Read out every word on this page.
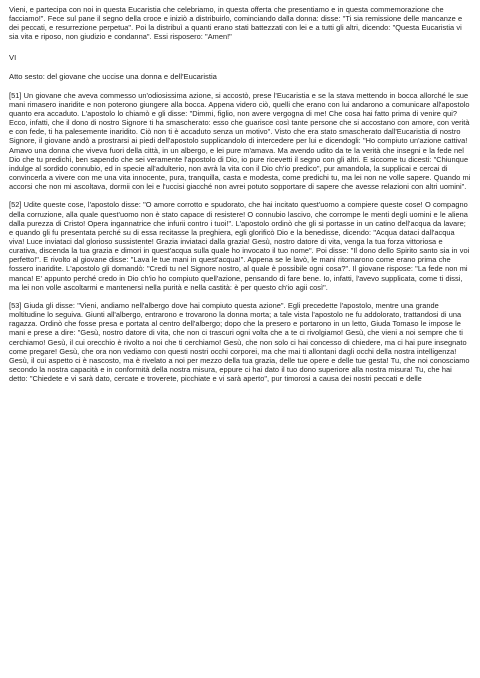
Vieni, e partecipa con noi in questa Eucaristia che celebriamo, in questa offerta che presentiamo e in questa commemorazione che facciamo!". Fece sul pane il segno della croce e iniziò a distribuirlo, cominciando dalla donna: disse: "Ti sia remissione delle mancanze e dei peccati, e resurrezione perpetua". Poi la distribuì a quanti erano stati battezzati con lei e a tutti gli altri, dicendo: "Questa Eucaristia vi sia vita e riposo, non giudizio e condanna". Essi risposero: "Amen!"

VI

Atto sesto: del giovane che uccise una donna e dell'Eucaristia

[51] Un giovane che aveva commesso un'odiosissima azione, si accostò, prese l'Eucaristia e se la stava mettendo in bocca allorché le sue mani rimasero inaridite e non poterono giungere alla bocca. Appena videro ciò, quelli che erano con lui andarono a comunicare all'apostolo quanto era accaduto. L'apostolo lo chiamò e gli disse: "Dimmi, figlio, non avere vergogna di me! Che cosa hai fatto prima di venire qui? Ecco, infatti, che il dono di nostro Signore ti ha smascherato: esso che guarisce così tante persone che si accostano con amore, con verità e con fede, ti ha palesemente inaridito. Ciò non ti è accaduto senza un motivo". Visto che era stato smascherato dall'Eucaristia di nostro Signore, il giovane andò a prostrarsi ai piedi dell'apostolo supplicandolo di intercedere per lui e dicendogli: "Ho compiuto un'azione cattiva! Amavo una donna che viveva fuori della città, in un albergo, e lei pure m'amava. Ma avendo udito da te la verità che insegni e la fede nel Dio che tu predichi, ben sapendo che sei veramente l'apostolo di Dio, io pure ricevetti il segno con gli altri. E siccome tu dicesti: "Chiunque indulge al sordido connubio, ed in specie all'adulterio, non avrà la vita con il Dio ch'io predico", pur amandola, la supplicai e cercai di convincerla a vivere con me una vita innocente, pura, tranquilla, casta e modesta, come predichi tu, ma lei non ne volle sapere. Quando mi accorsi che non mi ascoltava, dormii con lei e l'uccisi giacché non avrei potuto sopportare di sapere che avesse relazioni con altri uomini".

[52] Udite queste cose, l'apostolo disse: "O amore corrotto e spudorato, che hai incitato quest'uomo a compiere queste cose! O compagno della corruzione, alla quale quest'uomo non è stato capace di resistere! O connubio lascivo, che corrompe le menti degli uomini e le aliena dalla purezza di Cristo! Opera ingannatrice che infurii contro i tuoi!". L'apostolo ordinò che gli si portasse in un catino dell'acqua da lavare; e quando gli fu presentata perché su di essa recitasse la preghiera, egli glorificò Dio e la benedisse, dicendo: "Acqua dataci dall'acqua viva! Luce inviataci dal glorioso sussistente! Grazia inviataci dalla grazia! Gesù, nostro datore di vita, venga la tua forza vittoriosa e curativa, discenda la tua grazia e dimori in quest'acqua sulla quale ho invocato il tuo nome". Poi disse: "Il dono dello Spirito santo sia in voi perfetto!". E rivolto al giovane disse: "Lava le tue mani in quest'acqua!". Appena se le lavò, le mani ritornarono come erano prima che fossero inaridite. L'apostolo gli domandò: "Credi tu nel Signore nostro, al quale è possibile ogni cosa?". Il giovane rispose: "La fede non mi manca! E' appunto perché credo in Dio ch'io ho compiuto quell'azione, pensando di fare bene. Io, infatti, l'avevo supplicata, come ti dissi, ma lei non volle ascoltarmi e mantenersi nella purità e nella castità: è per questo ch'io agii così".

[53] Giuda gli disse: "Vieni, andiamo nell'albergo dove hai compiuto questa azione". Egli precedette l'apostolo, mentre una grande moltitudine lo seguiva. Giunti all'albergo, entrarono e trovarono la donna morta; a tale vista l'apostolo ne fu addolorato, trattandosi di una ragazza. Ordinò che fosse presa e portata al centro dell'albergo; dopo che la presero e portarono in un letto, Giuda Tomaso le impose le mani e prese a dire: "Gesù, nostro datore di vita, che non ci trascuri ogni volta che a te ci rivolgiamo! Gesù, che vieni a noi sempre che ti cerchiamo! Gesù, il cui orecchio è rivolto a noi che ti cerchiamo! Gesù, che non solo ci hai concesso di chiedere, ma ci hai pure insegnato come pregare! Gesù, che ora non vediamo con questi nostri occhi corporei, ma che mai ti allontani dagli occhi della nostra intelligenza! Gesù, il cui aspetto ci è nascosto, ma è rivelato a noi per mezzo della tua grazia, delle tue opere e delle tue gesta! Tu, che noi conosciamo secondo la nostra capacità e in conformità della nostra misura, eppure ci hai dato il tuo dono superiore alla nostra misura! Tu, che hai detto: "Chiedete e vi sarà dato, cercate e troverete, picchiate e vi sarà aperto", pur timorosi a causa dei nostri peccati e delle
